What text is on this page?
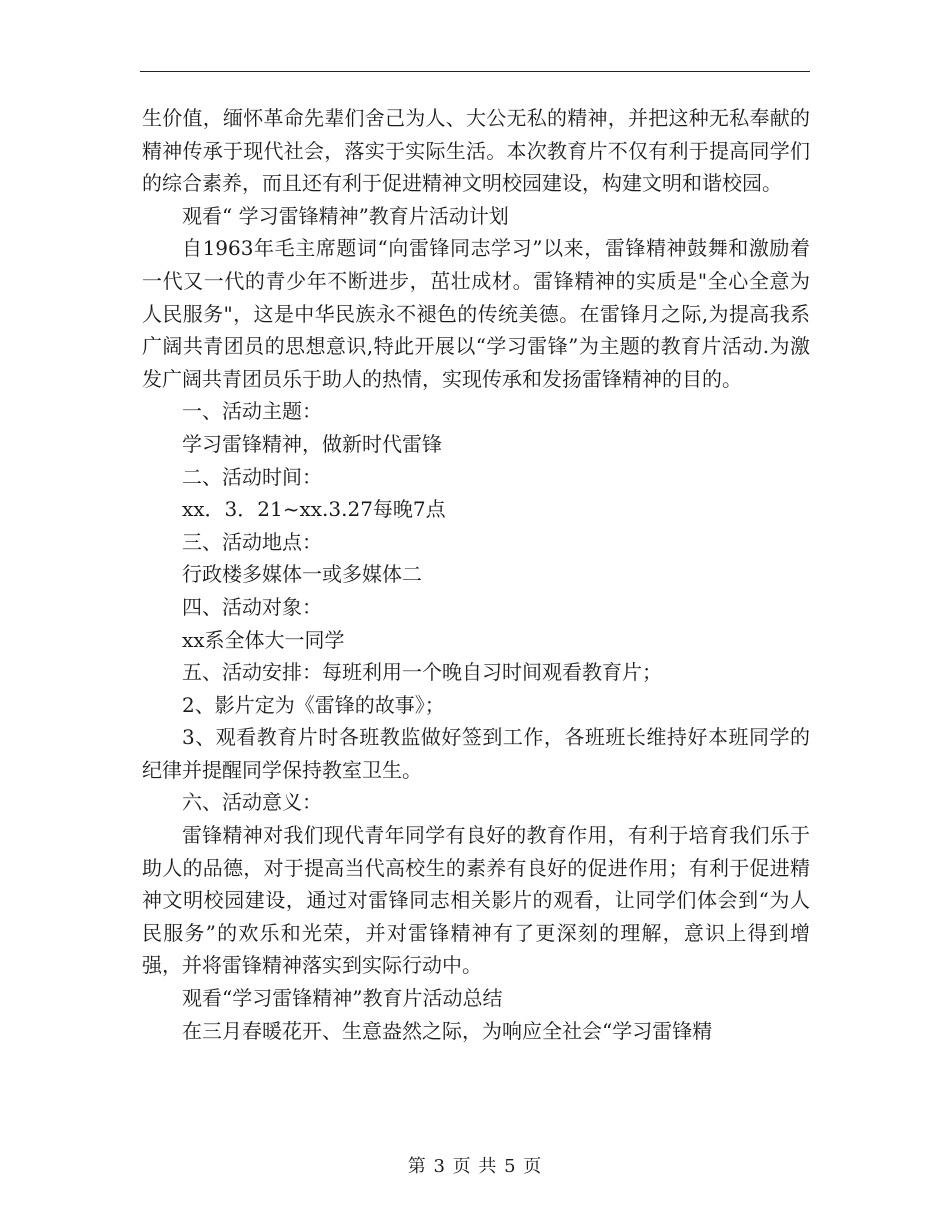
生价值，缅怀革命先辈们舍己为人、大公无私的精神，并把这种无私奉献的精神传承于现代社会，落实于实际生活。本次教育片不仅有利于提高同学们的综合素养，而且还有利于促进精神文明校园建设，构建文明和谐校园。

观看“ 学习雷锋精神”教育片活动计划

自1963年毛主席题词“向雷锋同志学习”以来，雷锋精神鼓舞和激励着一代又一代的青少年不断进步，茁壮成材。雷锋精神的实质是"全心全意为人民服务"，这是中华民族永不褪色的传统美德。在雷锋月之际,为提高我系广阔共青团员的思想意识,特此开展以“学习雷锋”为主题的教育片活动.为激发广阔共青团员乐于助人的热情，实现传承和发扬雷锋精神的目的。

一、活动主题：

学习雷锋精神，做新时代雷锋

二、活动时间：

xx．3．21~xx.3.27每晚7点

三、活动地点：

行政楼多媒体一或多媒体二

四、活动对象：

xx系全体大一同学

五、活动安排：每班利用一个晚自习时间观看教育片；

2、影片定为《雷锋的故事》；

3、观看教育片时各班教监做好签到工作，各班班长维持好本班同学的纪律并提醒同学保持教室卫生。

六、活动意义：

雷锋精神对我们现代青年同学有良好的教育作用，有利于培育我们乐于助人的品德，对于提高当代高校生的素养有良好的促进作用；有利于促进精神文明校园建设，通过对雷锋同志相关影片的观看，让同学们体会到“为人民服务”的欢乐和光荣，并对雷锋精神有了更深刻的理解，意识上得到增强，并将雷锋精神落实到实际行动中。

观看“学习雷锋精神”教育片活动总结

在三月春暖花开、生意盎然之际，为响应全社会“学习雷锋精

第 3 页 共 5 页
